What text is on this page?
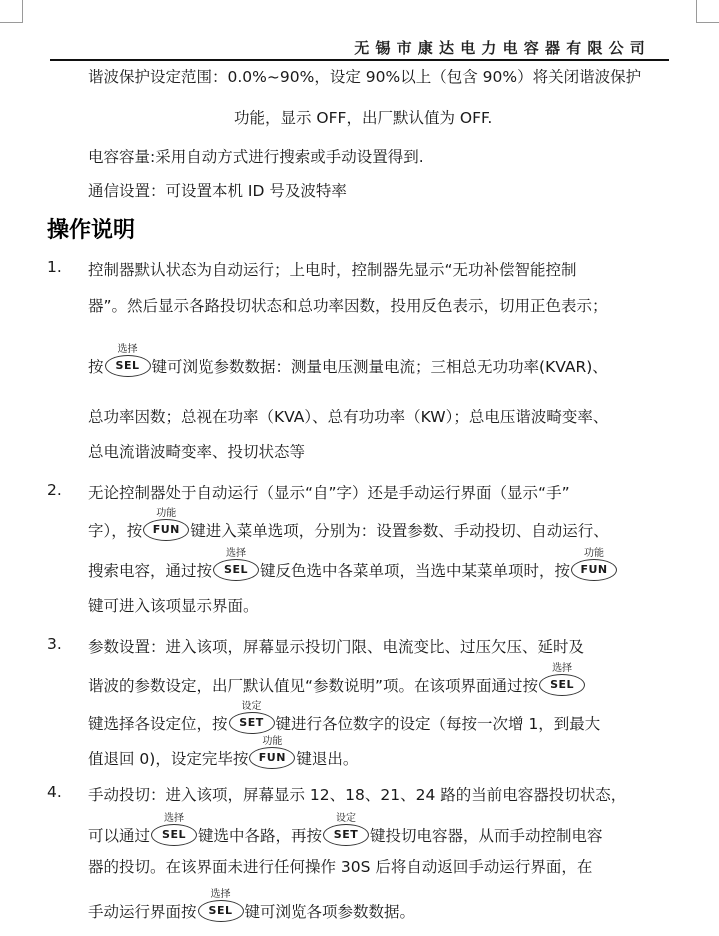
无锡市康达电力电容器有限公司
谐波保护设定范围：0.0%~90%，设定 90%以上（包含 90%）将关闭谐波保护
功能，显示 OFF，出厂默认值为 OFF.
电容容量:采用自动方式进行搜索或手动设置得到.
通信设置：可设置本机 ID 号及波特率
操作说明
1. 控制器默认状态为自动运行；上电时，控制器先显示“无功补偿智能控制
器”。然后显示各路投切状态和总功率因数，投用反色表示，切用正色表示；
按
选择
SEL 键可浏览参数数据：测量电压测量电流；三相总无功功率(KVAR)、
总功率因数；总视在功率（KVA）、总有功功率（KW）；总电压谐波畸变率、
总电流谐波畸变率、投切状态等
2. 无论控制器处于自动运行（显示“自”字）还是手动运行界面（显示“手”
字），按
功能
FUN 键进入菜单选项，分别为：设置参数、手动投切、自动运行、
搜索电容，通过按
选择
SEL 键反色选中各菜单项，当选中某菜单项时，按
功能
FUN
键可进入该项显示界面。
3. 参数设置：进入该项，屏幕显示投切门限、电流变比、过压欠压、延时及
谐波的参数设定，出厂默认值见“参数说明”项。在该项界面通过按
选择
SEL
键选择各设定位，按
设定
SET 键进行各位数字的设定（每按一次增 1，到最大
值退回 0)，设定完毕按
功能
FUN 键退出。
4. 手动投切：进入该项，屏幕显示 12、18、21、24 路的当前电容器投切状态，
可以通过
选择
SEL 键选中各路，再按
设定
SET 键投切电容器，从而手动控制电容
器的投切。在该界面未进行任何操作 30S 后将自动返回手动运行界面，在
手动运行界面按
选择
SEL 键可浏览各项参数数据。
